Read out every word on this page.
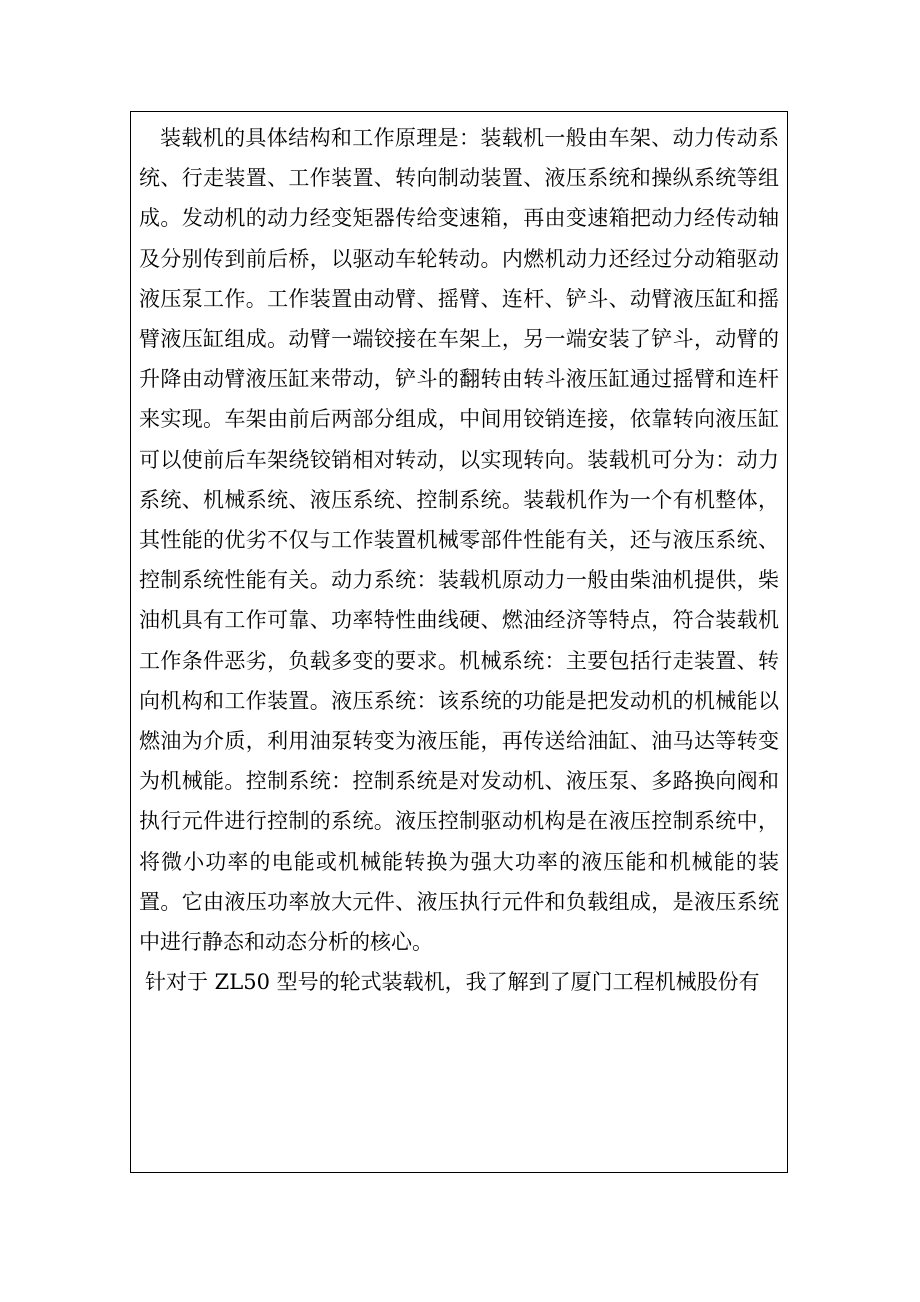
装载机的具体结构和工作原理是：装载机一般由车架、动力传动系统、行走装置、工作装置、转向制动装置、液压系统和操纵系统等组成。发动机的动力经变矩器传给变速箱，再由变速箱把动力经传动轴及分别传到前后桥，以驱动车轮转动。内燃机动力还经过分动箱驱动液压泵工作。工作装置由动臂、摇臂、连杆、铲斗、动臂液压缸和摇臂液压缸组成。动臂一端铰接在车架上，另一端安装了铲斗，动臂的升降由动臂液压缸来带动，铲斗的翻转由转斗液压缸通过摇臂和连杆来实现。车架由前后两部分组成，中间用铰销连接，依靠转向液压缸可以使前后车架绕铰销相对转动，以实现转向。装载机可分为：动力系统、机械系统、液压系统、控制系统。装载机作为一个有机整体，其性能的优劣不仅与工作装置机械零部件性能有关，还与液压系统、控制系统性能有关。动力系统：装载机原动力一般由柴油机提供，柴油机具有工作可靠、功率特性曲线硬、燃油经济等特点，符合装载机工作条件恶劣，负载多变的要求。机械系统：主要包括行走装置、转向机构和工作装置。液压系统：该系统的功能是把发动机的机械能以燃油为介质，利用油泵转变为液压能，再传送给油缸、油马达等转变为机械能。控制系统：控制系统是对发动机、液压泵、多路换向阀和执行元件进行控制的系统。液压控制驱动机构是在液压控制系统中，将微小功率的电能或机械能转换为强大功率的液压能和机械能的装置。它由液压功率放大元件、液压执行元件和负载组成，是液压系统中进行静态和动态分析的核心。

针对于 ZL50 型号的轮式装载机，我了解到了厦门工程机械股份有
